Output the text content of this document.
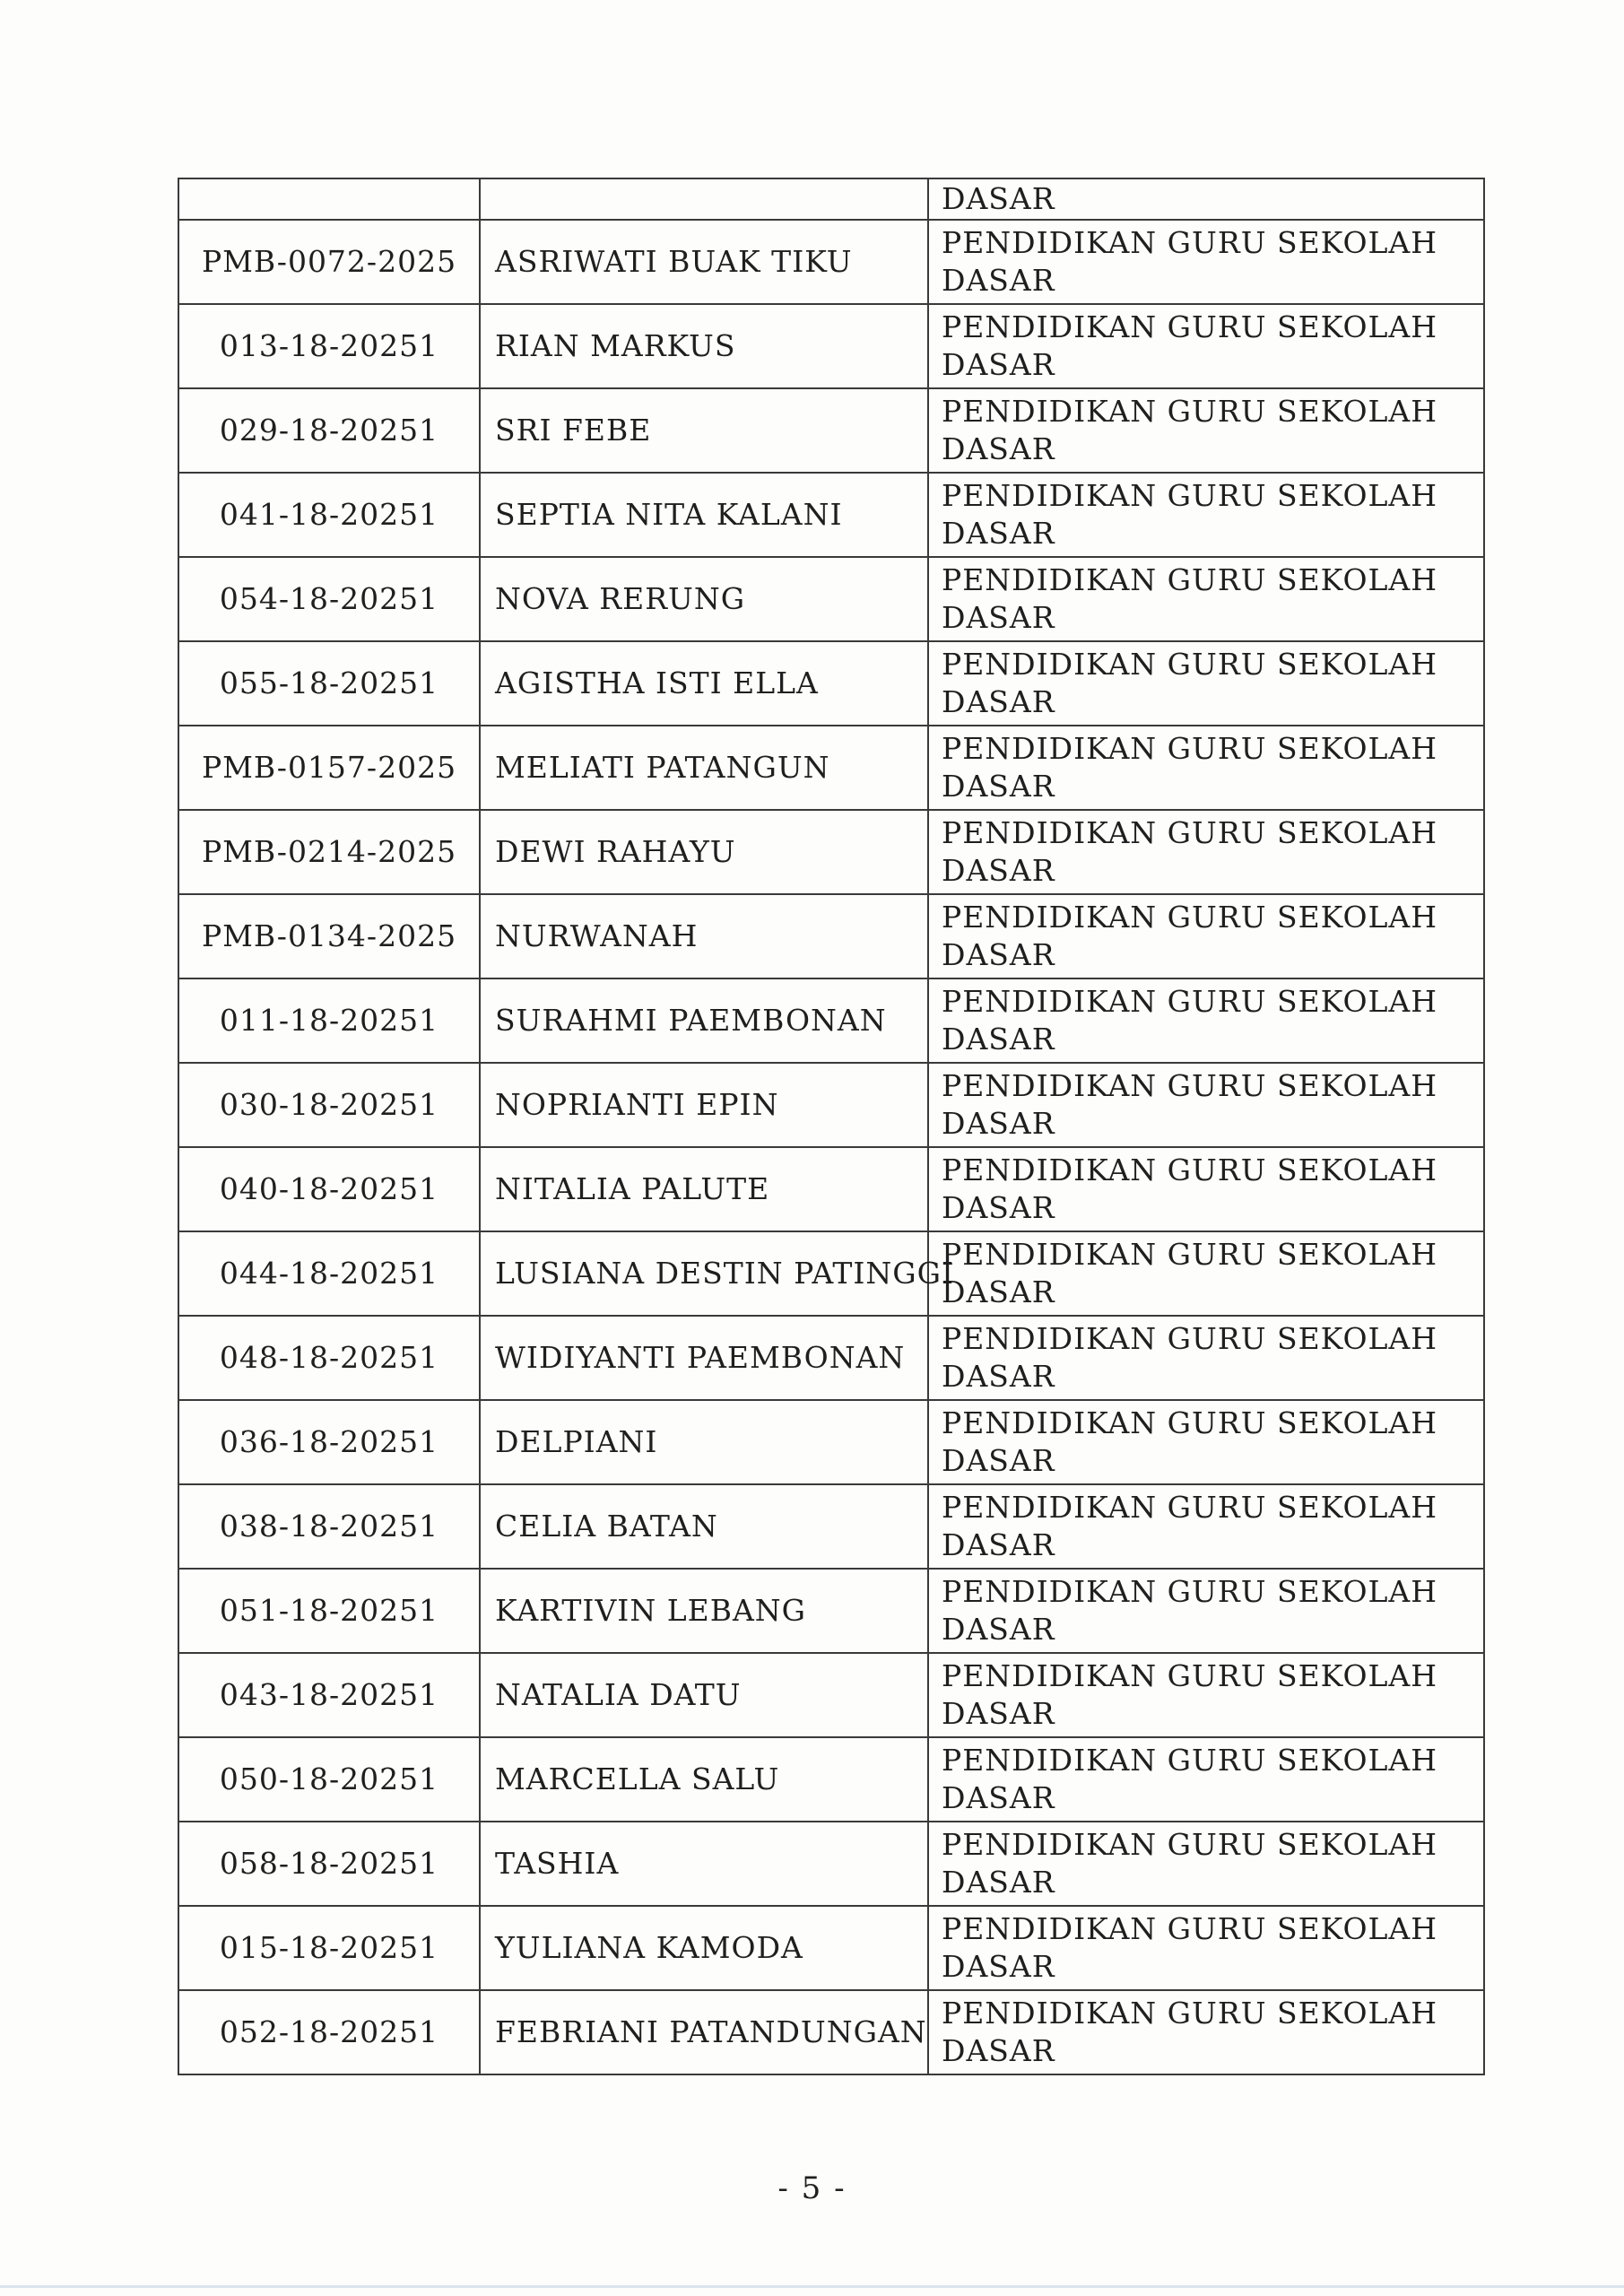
		DASAR
PMB-0072-2025	ASRIWATI BUAK TIKU	PENDIDIKAN GURU SEKOLAH
DASAR

013-18-20251	RIAN MARKUS	PENDIDIKAN GURU SEKOLAH
DASAR

029-18-20251	SRI FEBE	PENDIDIKAN GURU SEKOLAH
DASAR

041-18-20251	SEPTIA NITA KALANI	PENDIDIKAN GURU SEKOLAH
DASAR

054-18-20251	NOVA RERUNG	PENDIDIKAN GURU SEKOLAH
DASAR

055-18-20251	AGISTHA ISTI ELLA	PENDIDIKAN GURU SEKOLAH
DASAR

PMB-0157-2025	MELIATI PATANGUN	PENDIDIKAN GURU SEKOLAH
DASAR

PMB-0214-2025	DEWI RAHAYU	PENDIDIKAN GURU SEKOLAH
DASAR

PMB-0134-2025	NURWANAH	PENDIDIKAN GURU SEKOLAH
DASAR

011-18-20251	SURAHMI PAEMBONAN	PENDIDIKAN GURU SEKOLAH
DASAR

030-18-20251	NOPRIANTI EPIN	PENDIDIKAN GURU SEKOLAH
DASAR

040-18-20251	NITALIA PALUTE	PENDIDIKAN GURU SEKOLAH
DASAR

044-18-20251	LUSIANA DESTIN PATINGGI	PENDIDIKAN GURU SEKOLAH
DASAR

048-18-20251	WIDIYANTI PAEMBONAN	PENDIDIKAN GURU SEKOLAH
DASAR

036-18-20251	DELPIANI	PENDIDIKAN GURU SEKOLAH
DASAR

038-18-20251	CELIA BATAN	PENDIDIKAN GURU SEKOLAH
DASAR

051-18-20251	KARTIVIN LEBANG	PENDIDIKAN GURU SEKOLAH
DASAR

043-18-20251	NATALIA DATU	PENDIDIKAN GURU SEKOLAH
DASAR

050-18-20251	MARCELLA SALU	PENDIDIKAN GURU SEKOLAH
DASAR

058-18-20251	TASHIA	PENDIDIKAN GURU SEKOLAH
DASAR

015-18-20251	YULIANA KAMODA	PENDIDIKAN GURU SEKOLAH
DASAR

052-18-20251	FEBRIANI PATANDUNGAN	PENDIDIKAN GURU SEKOLAH
DASAR
- 5 -
